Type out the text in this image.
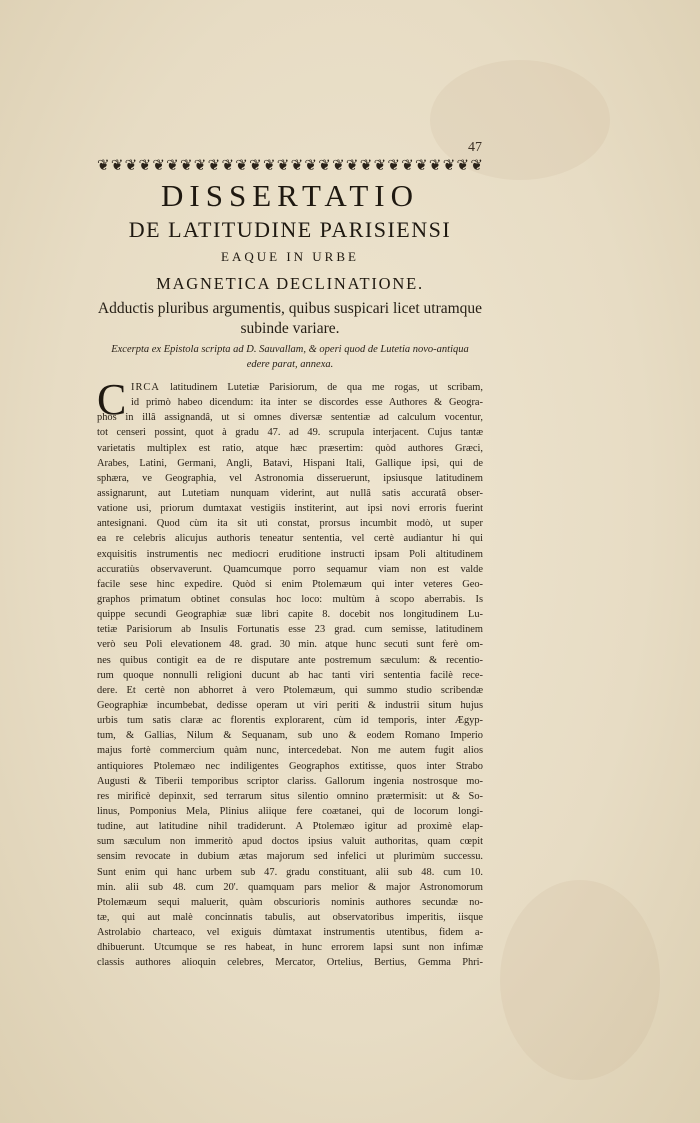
47
❦ ❦ ❦ ❦ ❦ ❦ ❦ ❦ ❦ ❦ ❦ ❦ ❦ ❦ ❦ ❦ ❦ ❦ ❦ ❦ ❦ ❦ ❦ ❦ ❦ ❦ ❦ ❦
DISSERTATIO
DE LATITUDINE PARISIENSI
EAQUE IN URBE
MAGNETICA DECLINATIONE.
Adductis pluribus argumentis, quibus suspicari licet utramque
subinde variare.
Excerpta ex Epistola scripta ad D. Sauvallam, & operi quod de Lutetia novo-antiqua
edere parat, annexa.
C IRCA latitudinem Lutetiæ Parisiorum, de qua me rogas, ut scribam,
id primò habeo dicendum: ita inter se discordes esse Authores & Geogra-
phos in illâ assignandâ, ut si omnes diversæ sententiæ ad calculum vocentur,
tot censeri possint, quot à gradu 47. ad 49. scrupula interjacent. Cujus tantæ
varietatis multiplex est ratio, atque hæc præsertim: quòd authores Græci,
Arabes, Latini, Germani, Angli, Batavi, Hispani Itali, Gallique ipsi, qui de
sphæra, ve Geographia, vel Astronomia disseruerunt, ipsiusque latitudinem
assignarunt, aut Lutetiam nunquam viderint, aut nullâ satis accuratâ obser-
vatione usi, priorum dumtaxat vestigiis institerint, aut ipsi novi erroris fuerint
antesignani. Quod cùm ita sit uti constat, prorsus incumbit modò, ut super
ea re celebris alicujus authoris teneatur sententia, vel certè audiantur hi qui
exquisitis instrumentis nec mediocri eruditione instructi ipsam Poli altitudinem
accuratiùs observaverunt. Quamcumque porro sequamur viam non est valde
facile sese hinc expedire. Quòd si enim Ptolemæum qui inter veteres Geo-
graphos primatum obtinet consulas hoc loco: multùm à scopo aberrabis. Is
quippe secundi Geographiæ suæ libri capite 8. docebit nos longitudinem Lu-
tetiæ Parisiorum ab Insulis Fortunatis esse 23 grad. cum semisse, latitudinem
verò seu Poli elevationem 48. grad. 30 min. atque hunc secuti sunt ferè om-
nes quibus contigit ea de re disputare ante postremum sæculum: & recentio-
rum quoque nonnulli religioni ducunt ab hac tanti viri sententia facilè rece-
dere. Et certè non abhorret à vero Ptolemæum, qui summo studio scribendæ
Geographiæ incumbebat, dedisse operam ut viri periti & industrii situm hujus
urbis tum satis claræ ac florentis explorarent, cùm id temporis, inter Ægyp-
tum, & Gallias, Nilum & Sequanam, sub uno & eodem Romano Imperio
majus fortè commercium quàm nunc, intercedebat. Non me autem fugit alios
antiquiores Ptolemæo nec indiligentes Geographos extitisse, quos inter Strabo
Augusti & Tiberii temporibus scriptor clariss. Gallorum ingenia nostrosque mo-
res mirificè depinxit, sed terrarum situs silentio omnino prætermisit: ut & So-
linus, Pomponius Mela, Plinius aliique fere coætanei, qui de locorum longi-
tudine, aut latitudine nihil tradiderunt. A Ptolemæo igitur ad proximè elap-
sum sæculum non immeritò apud doctos ipsius valuit authoritas, quam cœpit
sensim revocate in dubium ætas majorum sed infelici ut plurimùm successu.
Sunt enim qui hanc urbem sub 47. gradu constituant, alii sub 48. cum 10.
min. alii sub 48. cum 20'. quamquam pars melior & major Astronomorum
Ptolemæum sequi maluerit, quàm obscurioris nominis authores secundæ no-
tæ, qui aut malè concinnatis tabulis, aut observatoribus imperitis, iisque
Astrolabio charteaco, vel exiguis dùmtaxat instrumentis utentibus, fidem a-
dhibuerunt. Utcumque se res habeat, in hunc errorem lapsi sunt non infimæ
classis authores alioquin celebres, Mercator, Ortelius, Bertius, Gemma Phri-
